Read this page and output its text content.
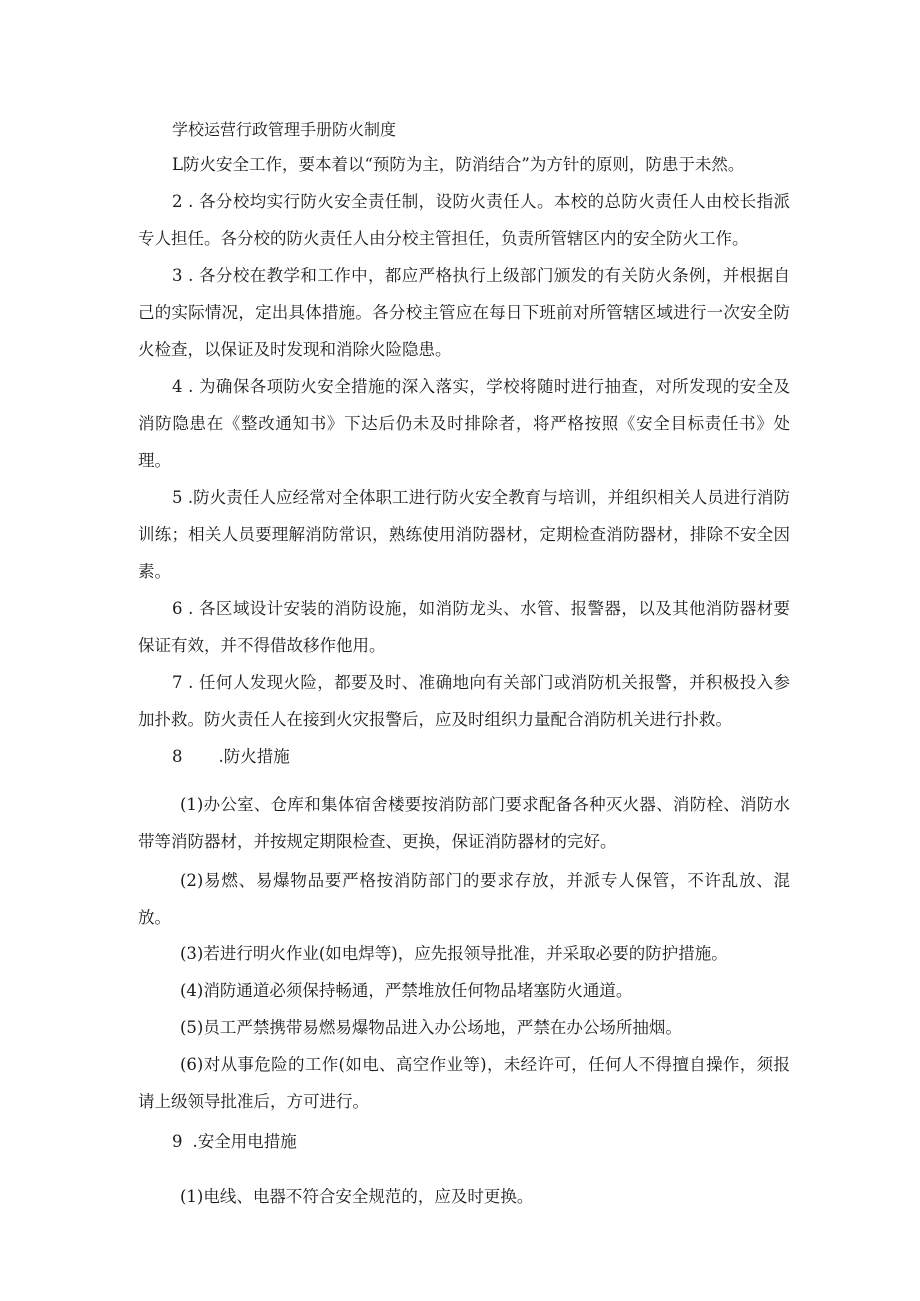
学校运营行政管理手册防火制度
L防火安全工作，要本着以“预防为主，防消结合”为方针的原则，防患于未然。
2 . 各分校均实行防火安全责任制，设防火责任人。本校的总防火责任人由校长指派专人担任。各分校的防火责任人由分校主管担任，负责所管辖区内的安全防火工作。
3 . 各分校在教学和工作中，都应严格执行上级部门颁发的有关防火条例，并根据自己的实际情况，定出具体措施。各分校主管应在每日下班前对所管辖区域进行一次安全防火检查，以保证及时发现和消除火险隐患。
4 . 为确保各项防火安全措施的深入落实，学校将随时进行抽查，对所发现的安全及消防隐患在《整改通知书》下达后仍未及时排除者，将严格按照《安全目标责任书》处理。
5 .防火责任人应经常对全体职工进行防火安全教育与培训，并组织相关人员进行消防训练；相关人员要理解消防常识，熟练使用消防器材，定期检查消防器材，排除不安全因素。
6 . 各区域设计安装的消防设施，如消防龙头、水管、报警器，以及其他消防器材要保证有效，并不得借故移作他用。
7 . 任何人发现火险，都要及时、准确地向有关部门或消防机关报警，并积极投入参加扑救。防火责任人在接到火灾报警后，应及时组织力量配合消防机关进行扑救。
8 .防火措施
(1)办公室、仓库和集体宿舍楼要按消防部门要求配备各种灭火器、消防栓、消防水带等消防器材，并按规定期限检查、更换，保证消防器材的完好。
(2)易燃、易爆物品要严格按消防部门的要求存放，并派专人保管，不许乱放、混放。
(3)若进行明火作业(如电焊等)，应先报领导批准，并采取必要的防护措施。
(4)消防通道必须保持畅通，严禁堆放任何物品堵塞防火通道。
(5)员工严禁携带易燃易爆物品进入办公场地，严禁在办公场所抽烟。
(6)对从事危险的工作(如电、高空作业等)，未经许可，任何人不得擅自操作，须报请上级领导批准后，方可进行。
9 .安全用电措施
(1)电线、电器不符合安全规范的，应及时更换。
